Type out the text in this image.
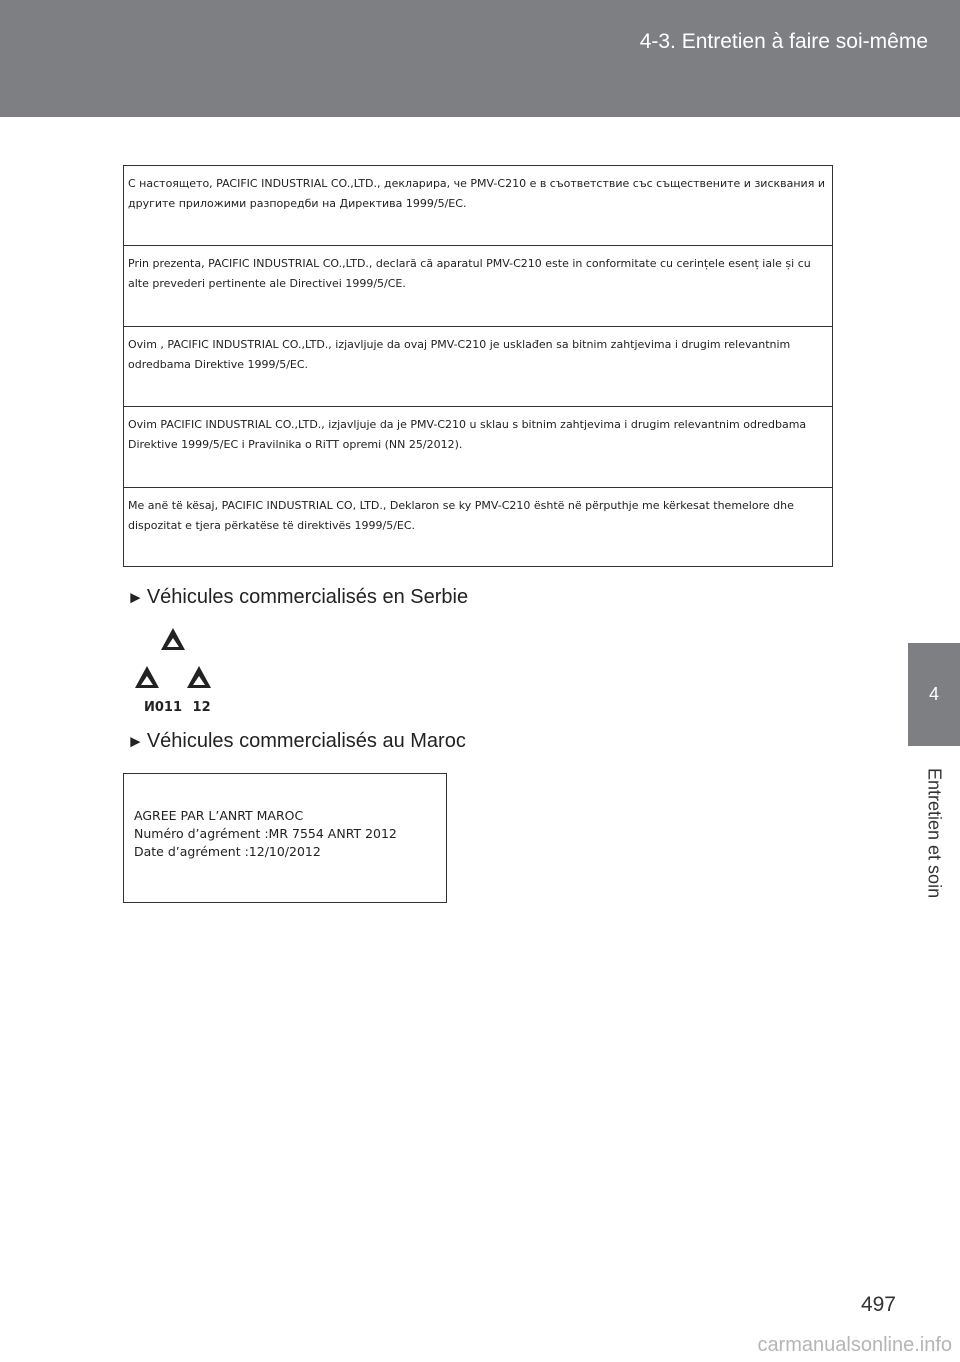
4-3. Entretien à faire soi-même
4
Entretien et soin
С настоящето, PACIFIC INDUSTRIAL CO.,LTD., декларира, че PMV-C210 е в съответствие със съществените и зисквания и другите приложими разпоредби на Директива 1999/5/EC.
Prin prezenta, PACIFIC INDUSTRIAL CO.,LTD., declară că aparatul PMV-C210 este in conformitate cu cerințele esenț iale și cu alte prevederi pertinente ale Directivei 1999/5/CE.
Ovim , PACIFIC INDUSTRIAL CO.,LTD., izjavljuje da ovaj PMV-C210 je usklađen sa bitnim zahtjevima i drugim relevantnim odredbama Direktive 1999/5/EC.
Ovim PACIFIC INDUSTRIAL CO.,LTD., izjavljuje da je PMV-C210 u sklau s bitnim zahtjevima i drugim relevantnim odredbama Direktive 1999/5/EC i Pravilnika o RiTT opremi (NN 25/2012).
Me anë të kësaj, PACIFIC INDUSTRIAL CO, LTD., Deklaron se ky PMV-C210 është në përputhje me kërkesat themelore dhe dispozitat e tjera përkatëse të direktivës 1999/5/EC.
► Véhicules commercialisés en Serbie
И011 12
► Véhicules commercialisés au Maroc
AGREE PAR L’ANRT MAROC
Numéro d’agrément :MR 7554 ANRT 2012
Date d’agrément :12/10/2012
497
carmanualsonline.info
